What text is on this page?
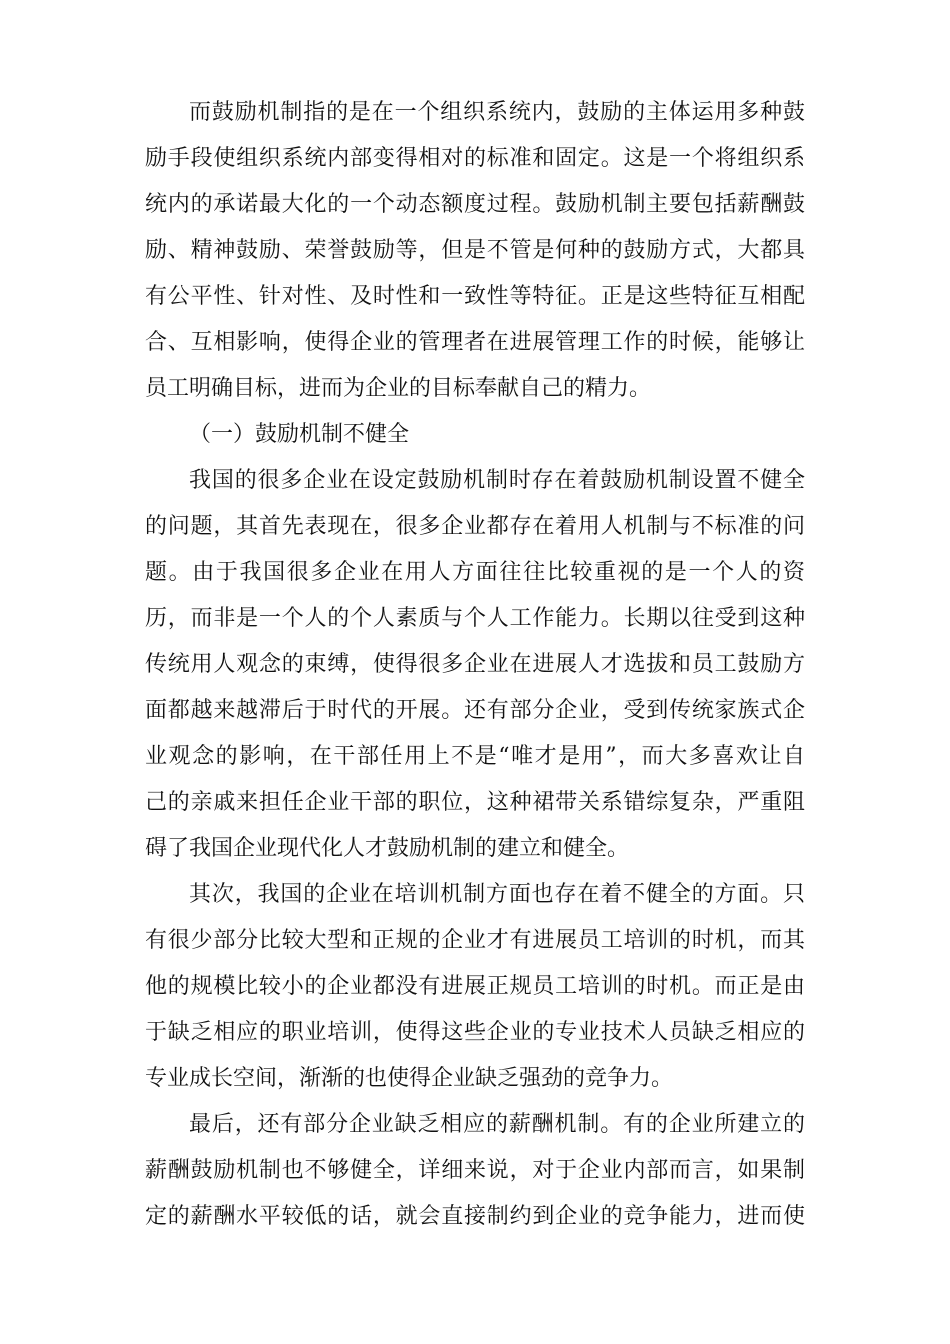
而鼓励机制指的是在一个组织系统内，鼓励的主体运用多种鼓
励手段使组织系统内部变得相对的标准和固定。这是一个将组织系
统内的承诺最大化的一个动态额度过程。鼓励机制主要包括薪酬鼓
励、精神鼓励、荣誉鼓励等，但是不管是何种的鼓励方式，大都具
有公平性、针对性、及时性和一致性等特征。正是这些特征互相配
合、互相影响，使得企业的管理者在进展管理工作的时候，能够让
员工明确目标，进而为企业的目标奉献自己的精力。
（一）鼓励机制不健全
我国的很多企业在设定鼓励机制时存在着鼓励机制设置不健全
的问题，其首先表现在，很多企业都存在着用人机制与不标准的问
题。由于我国很多企业在用人方面往往比较重视的是一个人的资
历，而非是一个人的个人素质与个人工作能力。长期以往受到这种
传统用人观念的束缚，使得很多企业在进展人才选拔和员工鼓励方
面都越来越滞后于时代的开展。还有部分企业，受到传统家族式企
业观念的影响，在干部任用上不是“唯才是用”，而大多喜欢让自
己的亲戚来担任企业干部的职位，这种裙带关系错综复杂，严重阻
碍了我国企业现代化人才鼓励机制的建立和健全。
其次，我国的企业在培训机制方面也存在着不健全的方面。只
有很少部分比较大型和正规的企业才有进展员工培训的时机，而其
他的规模比较小的企业都没有进展正规员工培训的时机。而正是由
于缺乏相应的职业培训，使得这些企业的专业技术人员缺乏相应的
专业成长空间，渐渐的也使得企业缺乏强劲的竞争力。
最后，还有部分企业缺乏相应的薪酬机制。有的企业所建立的
薪酬鼓励机制也不够健全，详细来说，对于企业内部而言，如果制
定的薪酬水平较低的话，就会直接制约到企业的竞争能力，进而使
